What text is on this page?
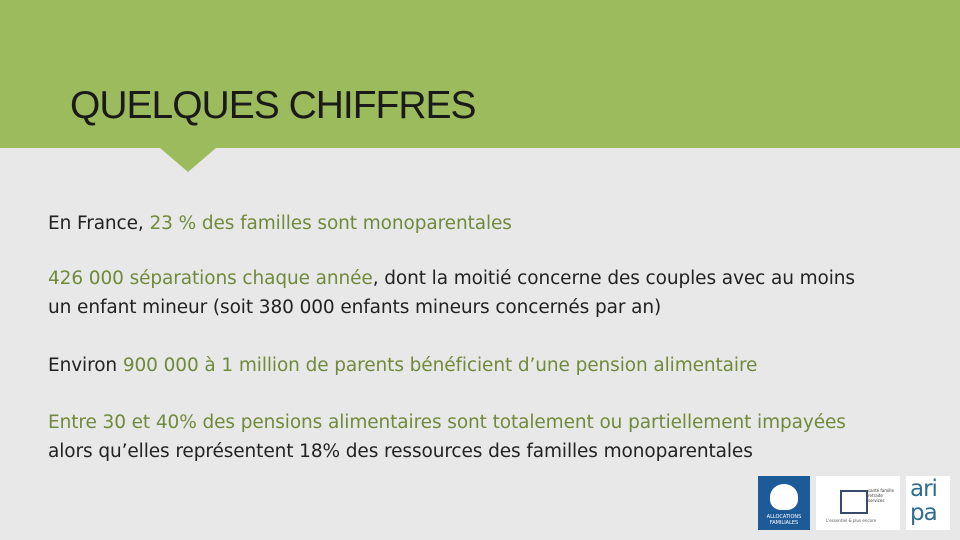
QUELQUES CHIFFRES

En France, 23 % des familles sont monoparentales

426 000 séparations chaque année, dont la moitié concerne des couples avec au moins un enfant mineur (soit 380 000 enfants mineurs concernés par an)

Environ 900 000 à 1 million de parents bénéficient d’une pension alimentaire

Entre 30 et 40% des pensions alimentaires sont totalement ou partiellement impayées alors qu’elles représentent 18% des ressources des familles monoparentales

ALLOCATIONS FAMILIALES
santé famille retraite services
L'essentiel & plus encore
ari
pa
